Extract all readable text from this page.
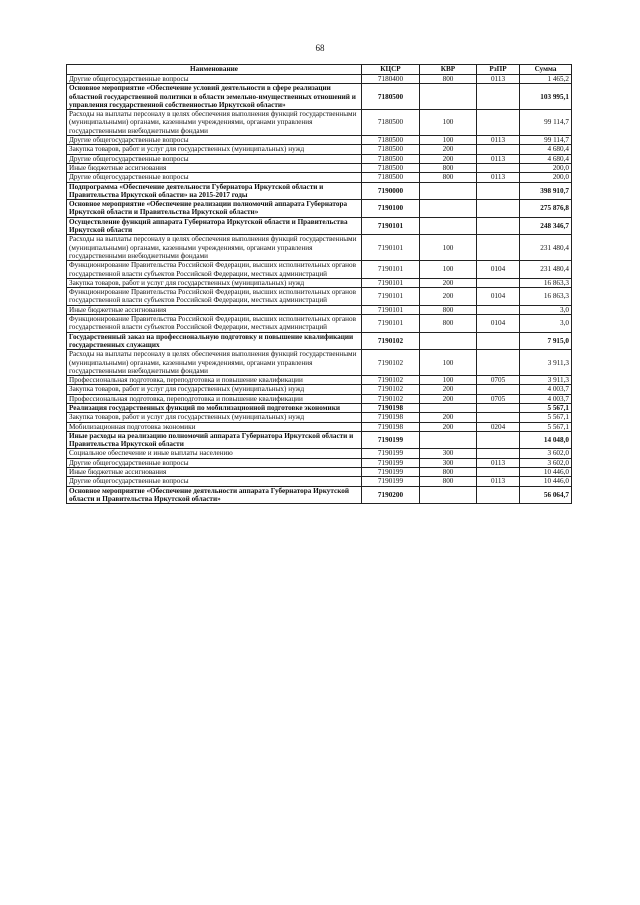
68
Наименование	КЦСР	КВР	РзПР	Сумма
Другие общегосударственные вопросы	7180400	800	0113	1 465,2
Основное мероприятие «Обеспечение условий деятельности в сфере реализации областной государственной политики в области земельно-имущественных отношений и управления государственной собственностью Иркутской области»	7180500			103 995,1
Расходы на выплаты персоналу в целях обеспечения выполнения функций государственными (муниципальными) органами, казенными учреждениями, органами управления государственными внебюджетными фондами	7180500	100		99 114,7
Другие общегосударственные вопросы	7180500	100	0113	99 114,7
Закупка товаров, работ и услуг для государственных (муниципальных) нужд	7180500	200		4 680,4
Другие общегосударственные вопросы	7180500	200	0113	4 680,4
Иные бюджетные ассигнования	7180500	800		200,0
Другие общегосударственные вопросы	7180500	800	0113	200,0
Подпрограмма «Обеспечение деятельности Губернатора Иркутской области и Правительства Иркутской области» на 2015-2017 годы	7190000			398 910,7
Основное мероприятие «Обеспечение реализации полномочий аппарата Губернатора Иркутской области и Правительства Иркутской области»	7190100			275 876,8
Осуществление функций аппарата Губернатора Иркутской области и Правительства Иркутской области	7190101			248 346,7
Расходы на выплаты персоналу в целях обеспечения выполнения функций государственными (муниципальными) органами, казенными учреждениями, органами управления государственными внебюджетными фондами	7190101	100		231 480,4
Функционирование Правительства Российской Федерации, высших исполнительных органов государственной власти субъектов Российской Федерации, местных администраций	7190101	100	0104	231 480,4
Закупка товаров, работ и услуг для государственных (муниципальных) нужд	7190101	200		16 863,3
Функционирование Правительства Российской Федерации, высших исполнительных органов государственной власти субъектов Российской Федерации, местных администраций	7190101	200	0104	16 863,3
Иные бюджетные ассигнования	7190101	800		3,0
Функционирование Правительства Российской Федерации, высших исполнительных органов государственной власти субъектов Российской Федерации, местных администраций	7190101	800	0104	3,0
Государственный заказ на профессиональную подготовку и повышение квалификации государственных служащих	7190102			7 915,0
Расходы на выплаты персоналу в целях обеспечения выполнения функций государственными (муниципальными) органами, казенными учреждениями, органами управления государственными внебюджетными фондами	7190102	100		3 911,3
Профессиональная подготовка, переподготовка и повышение квалификации	7190102	100	0705	3 911,3
Закупка товаров, работ и услуг для государственных (муниципальных) нужд	7190102	200		4 003,7
Профессиональная подготовка, переподготовка и повышение квалификации	7190102	200	0705	4 003,7
Реализация государственных функций по мобилизационной подготовке экономики	7190198			5 567,1
Закупка товаров, работ и услуг для государственных (муниципальных) нужд	7190198	200		5 567,1
Мобилизационная подготовка экономики	7190198	200	0204	5 567,1
Иные расходы на реализацию полномочий аппарата Губернатора Иркутской области и Правительства Иркутской области	7190199			14 048,0
Социальное обеспечение и иные выплаты населению	7190199	300		3 602,0
Другие общегосударственные вопросы	7190199	300	0113	3 602,0
Иные бюджетные ассигнования	7190199	800		10 446,0
Другие общегосударственные вопросы	7190199	800	0113	10 446,0
Основное мероприятие «Обеспечение деятельности аппарата Губернатора Иркутской области и Правительства Иркутской области»	7190200			56 064,7
